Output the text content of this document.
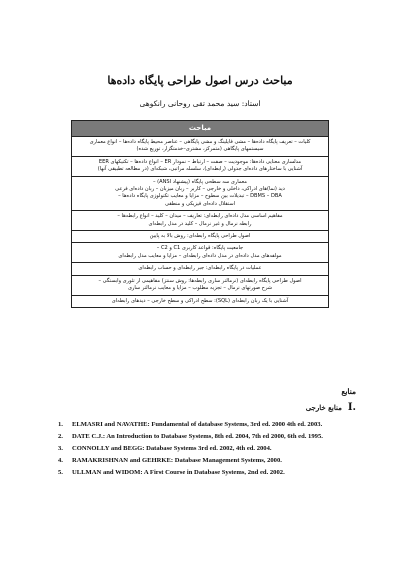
مباحث درس اصول طراحی پایگاه داده‌ها
استاد: سید محمد تقی روحانی رانکوهی
مباحث
کلیات – تعریف پایگاه داده‌ها – مشی فایلینگ و مشی پایگاهی – عناصر محیط پایگاه داده‌ها – انواع معماری
سیستمهای پایگاهی (متمرکز، مشتری–خدمتگزار، توزیع شده)
مدلسازی معنایی داده‌ها: موجودیت – صفت – ارتباط – نمودار ER – انواع داده‌ها – تکنیکهای EER
آشنایی با ساختارهای داده‌ای جدولی (رابطه‌ای)، سلسله مراتبی، شبکه‌ای (در مطالعه تطبیقی آنها)
معماری سه سطحی پایگاه (پیشنهاد ANSI) –
دید (نما)های ادراکی، داخلی و خارجی – کاربر – زبان میزبان – زبان داده‌ای فرعی
DBMS – DBA – تبدیلات بین سطوح – مزایا و معایب تکنولوژی پایگاه داده‌ها –
استقلال داده‌ای فیزیکی و منطقی
مفاهیم اساسی مدل داده‌ای رابطه‌ای: تعاریف – میدان – کلید – انواع رابطه‌ها –
رابطه نرمال و غیر نرمال – کلید در مدل رابطه‌ای
اصول طراحی پایگاه رابطه‌ای: روش بالا به پایین
جامعیت پایگاه: قواعد کاربری C1 و C2 –
مولفه‌های مدل داده‌ای در مدل داده‌ای رابطه‌ای – مزایا و معایب مدل رابطه‌ای
عملیات در پایگاه رابطه‌ای: جبر رابطه‌ای و حساب رابطه‌ای
اصول طراحی پایگاه رابطه‌ای (نرمالتر سازی رابطه‌ها: روش سنتز) مفاهیمی از تئوری وابستگی –
شرح صورتهای نرمال – تجزیه مطلوب – مزایا و معایب نرمالتر سازی
آشنایی با یک زبان رابطه‌ای (SQL): سطح ادراکی و سطح خارجی – دیدهای رابطه‌ای
منابع
منابع خارجی I.
1.	ELMASRI and NAVATHE: Fundamental of database Systems, 3rd ed. 2000 4th ed. 2003.
2.	DATE C.J.: An Introduction to Database Systems, 8th ed. 2004, 7th ed 2000, 6th ed. 1995.
3.	CONNOLLY and BEGG: Database Systems 3rd ed. 2002, 4th ed. 2004.
4.	RAMAKRISHNAN and GEHRKE: Database Management Systems, 2000.
5.	ULLMAN and WIDOM: A First Course in Database Systems, 2nd ed. 2002.
